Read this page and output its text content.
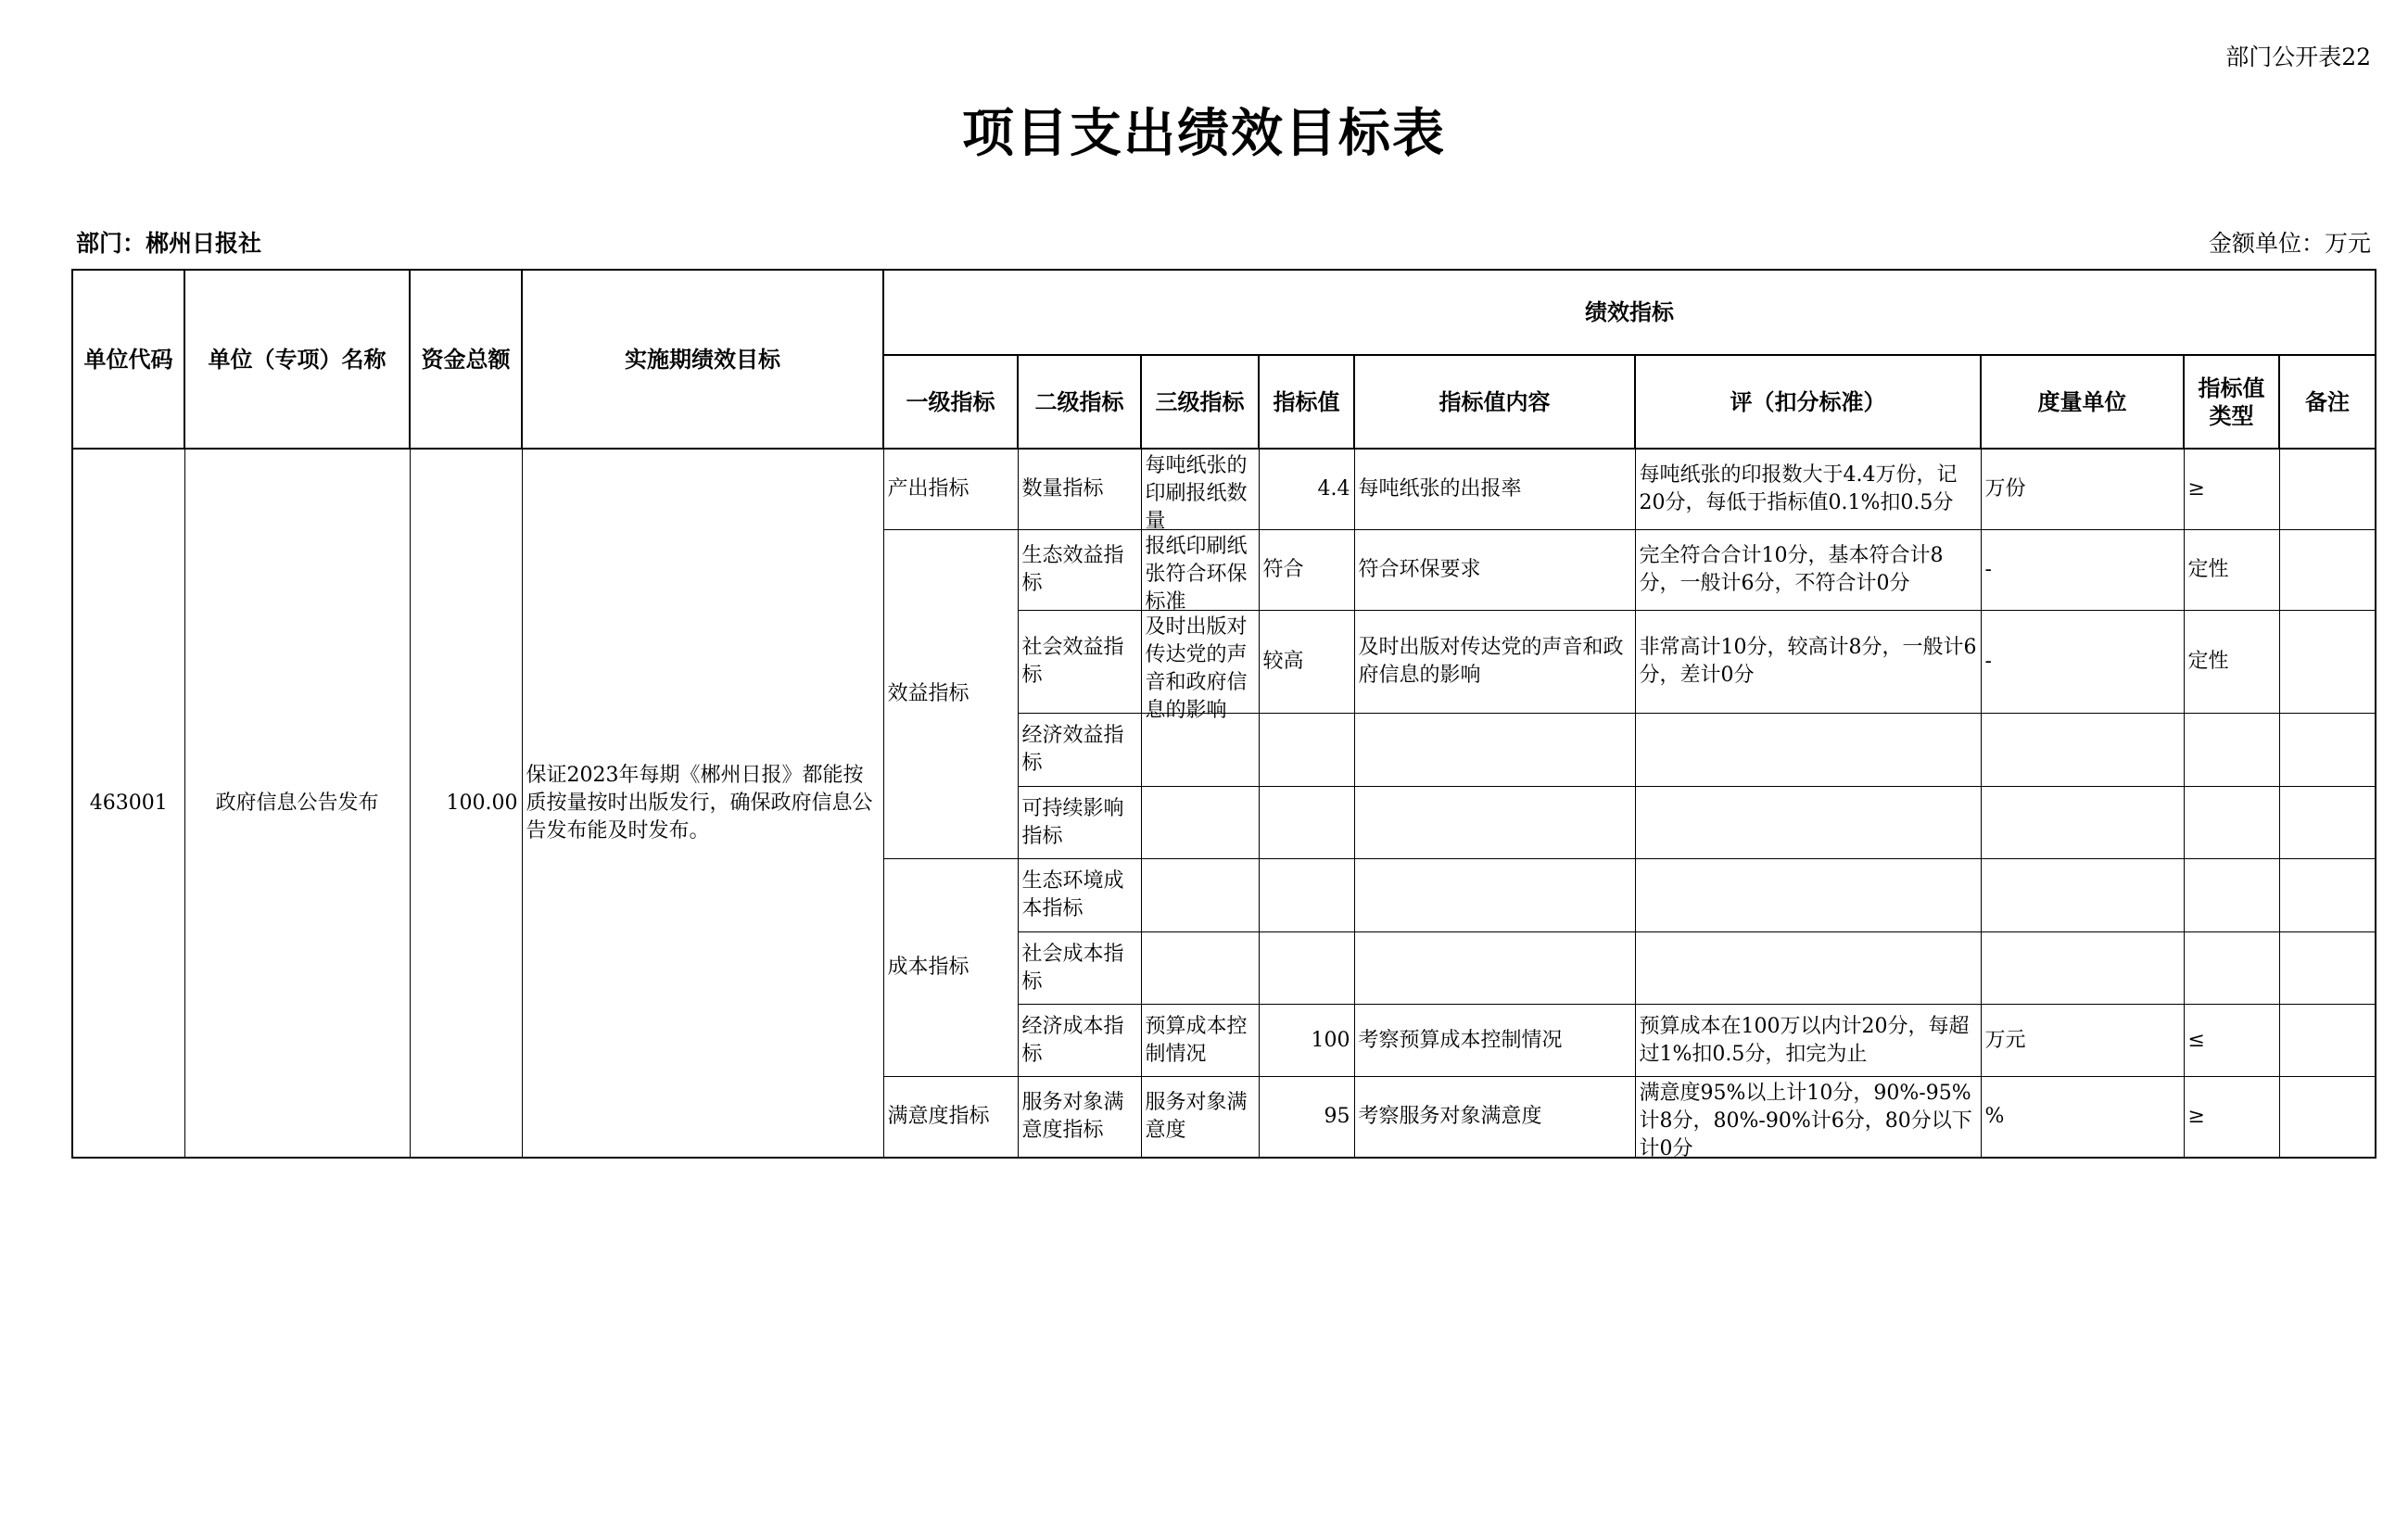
部门公开表22
项目支出绩效目标表
部门：郴州日报社	金额单位：万元
单位代码	单位（专项）名称	资金总额	实施期绩效目标	绩效指标								
				一级指标	二级指标	三级指标	指标值	指标值内容	评（扣分标准）	度量单位	指标值类型	备注
463001	政府信息公告发布	100.00	保证2023年每期《郴州日报》都能按质按量按时出版发行，确保政府信息公告发布能及时发布。	产出指标	数量指标	每吨纸张的印刷报纸数量	4.4	每吨纸张的出报率	每吨纸张的印报数大于4.4万份，记20分，每低于指标值0.1%扣0.5分	万份	≥	
				效益指标	生态效益指标	报纸印刷纸张符合环保标准	符合	符合环保要求	完全符合合计10分，基本符合计8分，一般计6分，不符合计0分	-	定性	
					社会效益指标	及时出版对传达党的声音和政府信息的影响	较高	及时出版对传达党的声音和政府信息的影响	非常高计10分，较高计8分，一般计6分，差计0分	-	定性	
					经济效益指标							
					可持续影响指标							
				成本指标	生态环境成本指标							
					社会成本指标							
					经济成本指标	预算成本控制情况	100	考察预算成本控制情况	预算成本在100万以内计20分，每超过1%扣0.5分，扣完为止	万元	≤	
				满意度指标	服务对象满意度指标	服务对象满意度	95	考察服务对象满意度	满意度95%以上计10分，90%-95%计8分，80%-90%计6分，80分以下计0分	%	≥	
